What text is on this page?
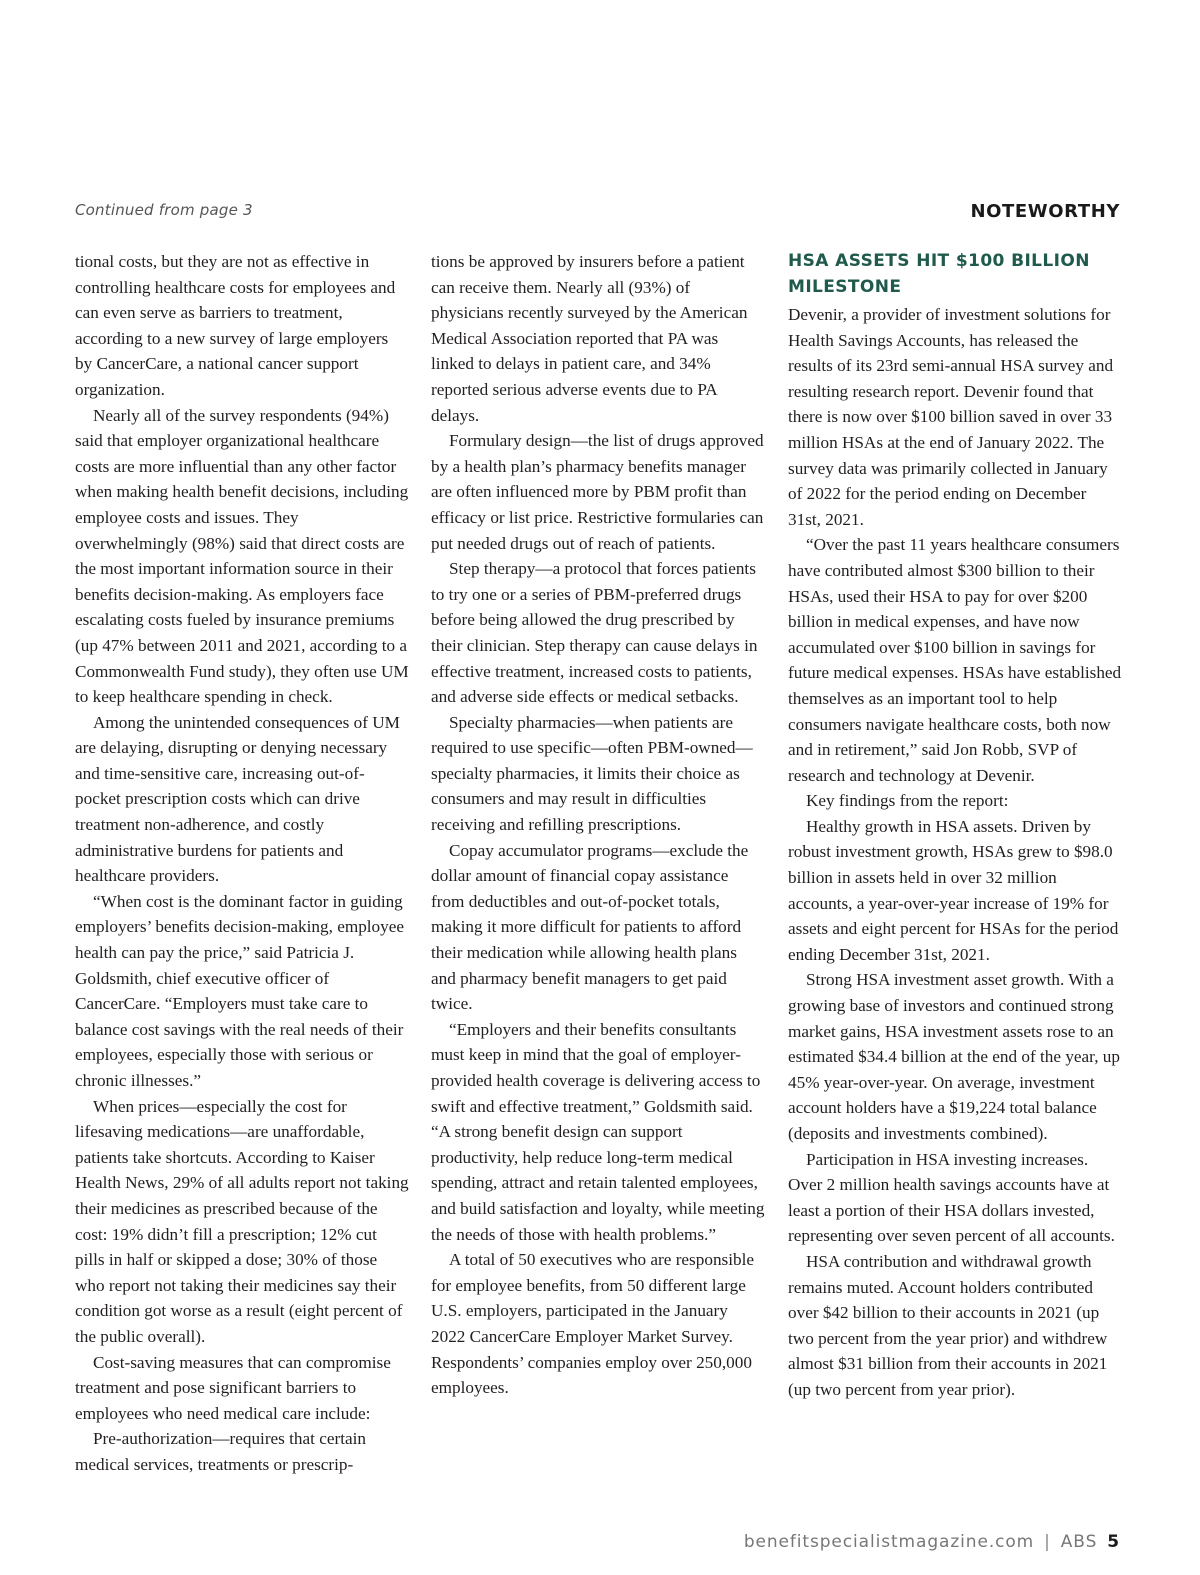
Continued from page 3	NOTEWORTHY

tional costs, but they are not as effective in controlling healthcare costs for employees and can even serve as barriers to treatment, according to a new survey of large employers by CancerCare, a national cancer support organization.

Nearly all of the survey respondents (94%) said that employer organizational healthcare costs are more influential than any other factor when making health benefit decisions, including employee costs and issues. They overwhelmingly (98%) said that direct costs are the most important information source in their benefits decision-making. As employers face escalating costs fueled by insurance premiums (up 47% between 2011 and 2021, according to a Commonwealth Fund study), they often use UM to keep healthcare spending in check.

Among the unintended consequences of UM are delaying, disrupting or denying necessary and time-sensitive care, increasing out-of-pocket prescription costs which can drive treatment non-adherence, and costly administrative burdens for patients and healthcare providers.

“When cost is the dominant factor in guiding employers’ benefits decision-making, employee health can pay the price,” said Patricia J. Goldsmith, chief executive officer of CancerCare. “Employers must take care to balance cost savings with the real needs of their employees, especially those with serious or chronic illnesses.”

When prices—especially the cost for lifesaving medications—are unaffordable, patients take shortcuts. According to Kaiser Health News, 29% of all adults report not taking their medicines as prescribed because of the cost: 19% didn’t fill a prescription; 12% cut pills in half or skipped a dose; 30% of those who report not taking their medicines say their condition got worse as a result (eight percent of the public overall).

Cost-saving measures that can compromise treatment and pose significant barriers to employees who need medical care include:

Pre-authorization—requires that certain medical services, treatments or prescrip-

tions be approved by insurers before a patient can receive them. Nearly all (93%) of physicians recently surveyed by the American Medical Association reported that PA was linked to delays in patient care, and 34% reported serious adverse events due to PA delays.

Formulary design—the list of drugs approved by a health plan’s pharmacy benefits manager are often influenced more by PBM profit than efficacy or list price. Restrictive formularies can put needed drugs out of reach of patients.

Step therapy—a protocol that forces patients to try one or a series of PBM-preferred drugs before being allowed the drug prescribed by their clinician. Step therapy can cause delays in effective treatment, increased costs to patients, and adverse side effects or medical setbacks.

Specialty pharmacies—when patients are required to use specific—often PBM-owned—specialty pharmacies, it limits their choice as consumers and may result in difficulties receiving and refilling prescriptions.

Copay accumulator programs—exclude the dollar amount of financial copay assistance from deductibles and out-of-pocket totals, making it more difficult for patients to afford their medication while allowing health plans and pharmacy benefit managers to get paid twice.

“Employers and their benefits consultants must keep in mind that the goal of employer-provided health coverage is delivering access to swift and effective treatment,” Goldsmith said. “A strong benefit design can support productivity, help reduce long-term medical spending, attract and retain talented employees, and build satisfaction and loyalty, while meeting the needs of those with health problems.”

A total of 50 executives who are responsible for employee benefits, from 50 different large U.S. employers, participated in the January 2022 CancerCare Employer Market Survey. Respondents’ companies employ over 250,000 employees.

HSA ASSETS HIT $100 BILLION MILESTONE

Devenir, a provider of investment solutions for Health Savings Accounts, has released the results of its 23rd semi-annual HSA survey and resulting research report. Devenir found that there is now over $100 billion saved in over 33 million HSAs at the end of January 2022. The survey data was primarily collected in January of 2022 for the period ending on December 31st, 2021.

“Over the past 11 years healthcare consumers have contributed almost $300 billion to their HSAs, used their HSA to pay for over $200 billion in medical expenses, and have now accumulated over $100 billion in savings for future medical expenses. HSAs have established themselves as an important tool to help consumers navigate healthcare costs, both now and in retirement,” said Jon Robb, SVP of research and technology at Devenir.

Key findings from the report:

Healthy growth in HSA assets. Driven by robust investment growth, HSAs grew to $98.0 billion in assets held in over 32 million accounts, a year-over-year increase of 19% for assets and eight percent for HSAs for the period ending December 31st, 2021.

Strong HSA investment asset growth. With a growing base of investors and continued strong market gains, HSA investment assets rose to an estimated $34.4 billion at the end of the year, up 45% year-over-year. On average, investment account holders have a $19,224 total balance (deposits and investments combined).

Participation in HSA investing increases. Over 2 million health savings accounts have at least a portion of their HSA dollars invested, representing over seven percent of all accounts.

HSA contribution and withdrawal growth remains muted. Account holders contributed over $42 billion to their accounts in 2021 (up two percent from the year prior) and withdrew almost $31 billion from their accounts in 2021 (up two percent from year prior).

benefitspecialistmagazine.com | ABS 5
